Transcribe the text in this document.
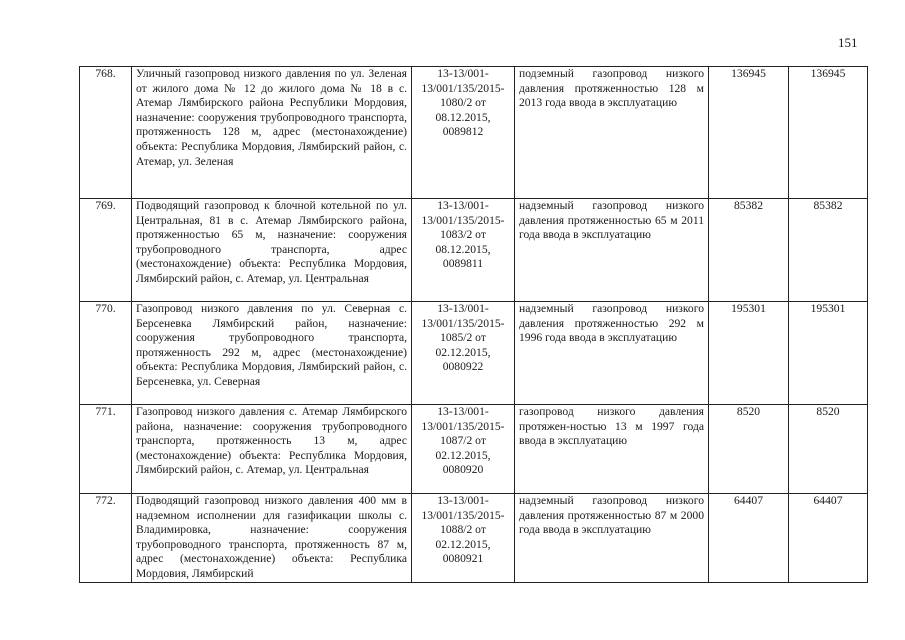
151
768.	Уличный газопровод низкого давления по ул. Зеленая от жилого дома № 12 до жилого дома № 18 в с. Атемар Лямбирского района Республики Мордовия, назначение: сооружения трубопроводного транспорта, протяженность 128 м, адрес (местонахождение) объекта: Республика Мордовия, Лямбирский район, с. Атемар, ул. Зеленая	13-13/001-13/001/135/2015-1080/2 от 08.12.2015, 0089812	подземный газопровод низкого давления протяженностью 128 м 2013 года ввода в эксплуатацию	136945	136945
769.	Подводящий газопровод к блочной котельной по ул. Центральная, 81 в с. Атемар Лямбирского района, протяженностью 65 м, назначение: сооружения трубопроводного транспорта, адрес (местонахождение) объекта: Республика Мордовия, Лямбирский район, с. Атемар, ул. Центральная	13-13/001-13/001/135/2015-1083/2 от 08.12.2015, 0089811	надземный газопровод низкого давления протяженностью 65 м 2011 года ввода в эксплуатацию	85382	85382
770.	Газопровод низкого давления по ул. Северная с. Берсеневка Лямбирский район, назначение: сооружения трубопроводного транспорта, протяженность 292 м, адрес (местонахождение) объекта: Республика Мордовия, Лямбирский район, с. Берсеневка, ул. Северная	13-13/001-13/001/135/2015-1085/2 от 02.12.2015, 0080922	надземный газопровод низкого давления протяженностью 292 м 1996 года ввода в эксплуатацию	195301	195301
771.	Газопровод низкого давления с. Атемар Лямбирского района, назначение: сооружения трубопроводного транспорта, протяженность 13 м, адрес (местонахождение) объекта: Республика Мордовия, Лямбирский район, с. Атемар, ул. Центральная	13-13/001-13/001/135/2015-1087/2 от 02.12.2015, 0080920	газопровод низкого давления протяжен-ностью 13 м 1997 года ввода в эксплуатацию	8520	8520
772.	Подводящий газопровод низкого давления 400 мм в надземном исполнении для газификации школы с. Владимировка, назначение: сооружения трубопроводного транспорта, протяженность 87 м, адрес (местонахождение) объекта: Республика Мордовия, Лямбирский	13-13/001-13/001/135/2015-1088/2 от 02.12.2015, 0080921	надземный газопровод низкого давления протяженностью 87 м 2000 года ввода в эксплуатацию	64407	64407
